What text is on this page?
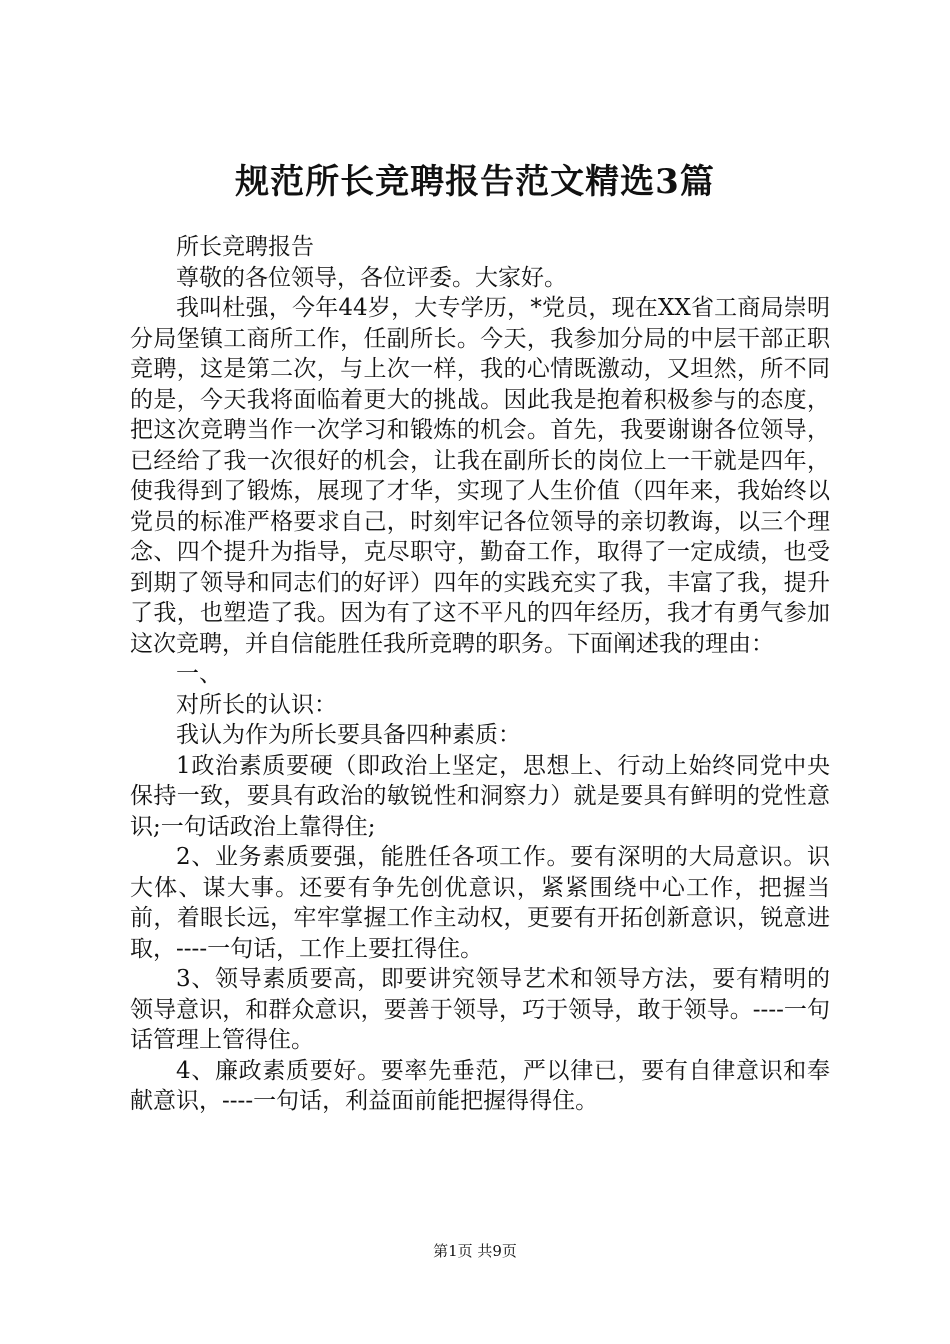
规范所长竞聘报告范文精选3篇

所长竞聘报告

尊敬的各位领导，各位评委。大家好。

我叫杜强，今年44岁，大专学历，*党员，现在XX省工商局崇明分局堡镇工商所工作，任副所长。今天，我参加分局的中层干部正职竞聘，这是第二次，与上次一样，我的心情既激动，又坦然，所不同的是，今天我将面临着更大的挑战。因此我是抱着积极参与的态度，把这次竞聘当作一次学习和锻炼的机会。首先，我要谢谢各位领导，已经给了我一次很好的机会，让我在副所长的岗位上一干就是四年，使我得到了锻炼，展现了才华，实现了人生价值（四年来，我始终以党员的标准严格要求自己，时刻牢记各位领导的亲切教诲，以三个理念、四个提升为指导，克尽职守，勤奋工作，取得了一定成绩，也受到期了领导和同志们的好评）四年的实践充实了我，丰富了我，提升了我，也塑造了我。因为有了这不平凡的四年经历，我才有勇气参加这次竞聘，并自信能胜任我所竞聘的职务。下面阐述我的理由：

一、

对所长的认识：

我认为作为所长要具备四种素质：

1政治素质要硬（即政治上坚定，思想上、行动上始终同党中央保持一致，要具有政治的敏锐性和洞察力）就是要具有鲜明的党性意识;一句话政治上靠得住;

2、业务素质要强，能胜任各项工作。要有深明的大局意识。识大体、谋大事。还要有争先创优意识，紧紧围绕中心工作，把握当前，着眼长远，牢牢掌握工作主动权，更要有开拓创新意识，锐意进取，----一句话，工作上要扛得住。

3、领导素质要高，即要讲究领导艺术和领导方法，要有精明的领导意识，和群众意识，要善于领导，巧于领导，敢于领导。----一句话管理上管得住。

4、廉政素质要好。要率先垂范，严以律已，要有自律意识和奉献意识，----一句话，利益面前能把握得得住。

第1页 共9页
